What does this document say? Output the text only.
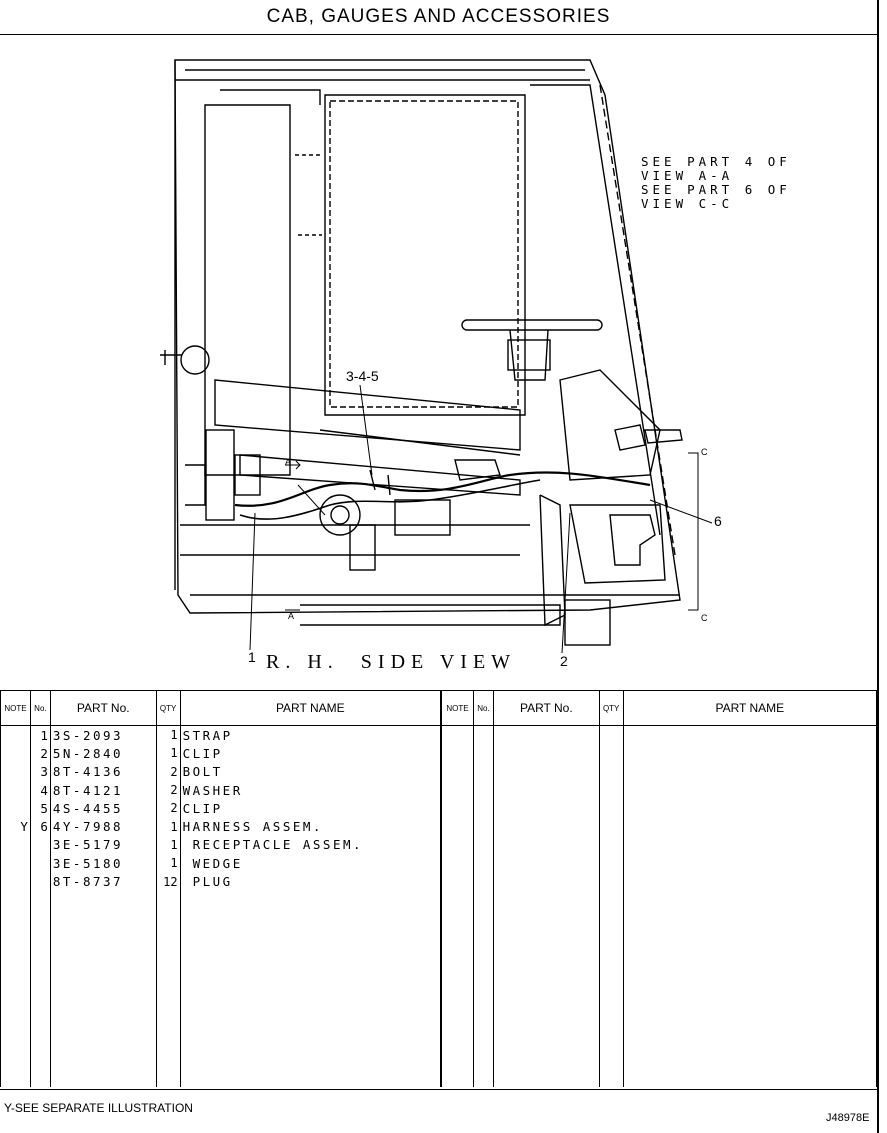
CAB, GAUGES AND ACCESSORIES
SEE PART 4 OF
VIEW A-A
SEE PART 6 OF
VIEW C-C
3-4-5
6
1	2
A
A
C
C
R. H.  SIDE VIEW
NOTE	No.	PART No.	QTY	PART NAME
	1	3S-2093	1	STRAP
	2	5N-2840	1	CLIP
	3	8T-4136	2	BOLT
	4	8T-4121	2	WASHER
	5	4S-4455	2	CLIP
Y	6	4Y-7988	1	HARNESS ASSEM.
		3E-5179	1	RECEPTACLE ASSEM.
		3E-5180	1	WEDGE
		8T-8737	12	PLUG

NOTE	No.	PART No.	QTY	PART NAME

Y-SEE SEPARATE ILLUSTRATION
J48978E
